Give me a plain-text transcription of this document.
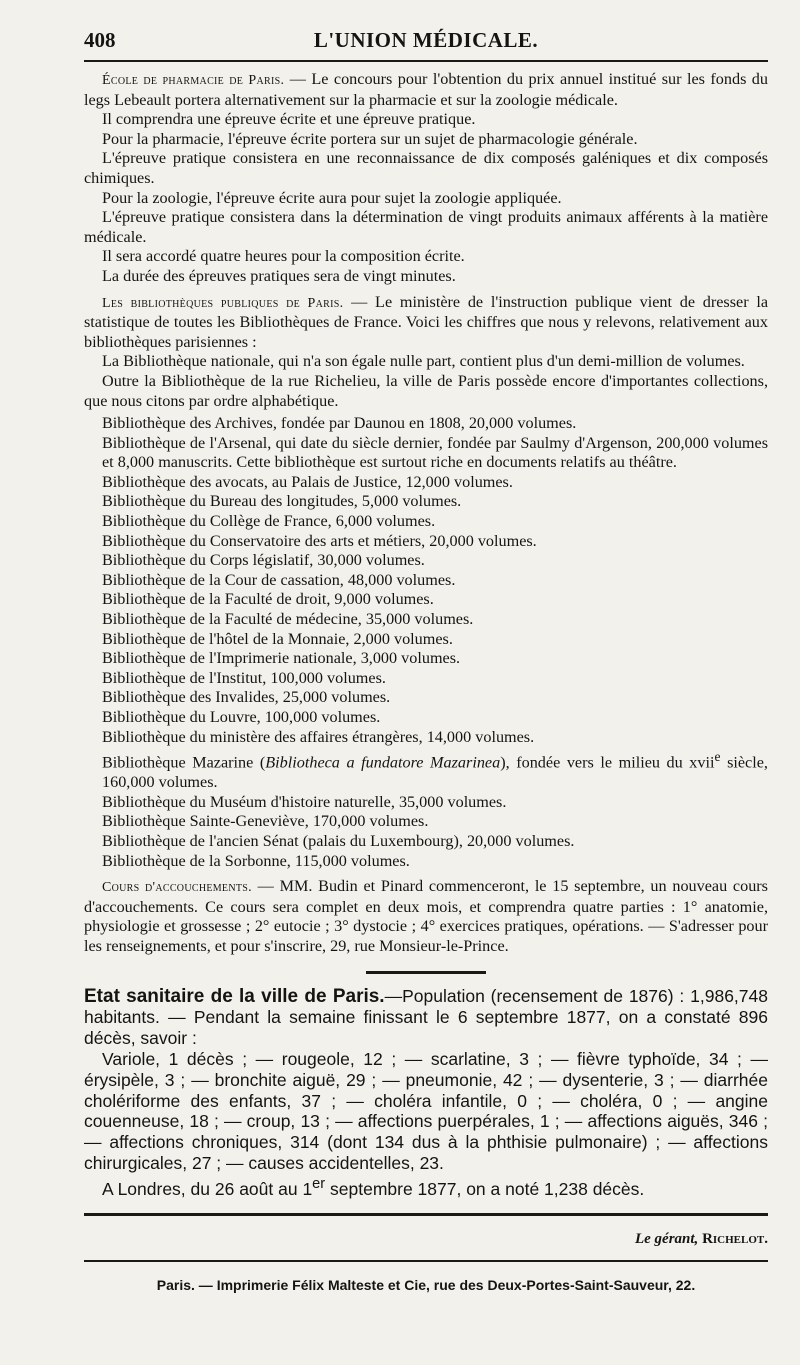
408	L'UNION MÉDICALE.

École de pharmacie de Paris. — Le concours pour l'obtention du prix annuel institué sur les fonds du legs Lebeault portera alternativement sur la pharmacie et sur la zoologie médicale.

Il comprendra une épreuve écrite et une épreuve pratique.

Pour la pharmacie, l'épreuve écrite portera sur un sujet de pharmacologie générale.

L'épreuve pratique consistera en une reconnaissance de dix composés galéniques et dix composés chimiques.

Pour la zoologie, l'épreuve écrite aura pour sujet la zoologie appliquée.

L'épreuve pratique consistera dans la détermination de vingt produits animaux afférents à la matière médicale.

Il sera accordé quatre heures pour la composition écrite.

La durée des épreuves pratiques sera de vingt minutes.

Les bibliothèques publiques de Paris. — Le ministère de l'instruction publique vient de dresser la statistique de toutes les Bibliothèques de France. Voici les chiffres que nous y relevons, relativement aux bibliothèques parisiennes :

La Bibliothèque nationale, qui n'a son égale nulle part, contient plus d'un demi-million de volumes.

Outre la Bibliothèque de la rue Richelieu, la ville de Paris possède encore d'importantes collections, que nous citons par ordre alphabétique.

Bibliothèque des Archives, fondée par Daunou en 1808, 20,000 volumes.

Bibliothèque de l'Arsenal, qui date du siècle dernier, fondée par Saulmy d'Argenson, 200,000 volumes et 8,000 manuscrits. Cette bibliothèque est surtout riche en documents relatifs au théâtre.

Bibliothèque des avocats, au Palais de Justice, 12,000 volumes.

Bibliothèque du Bureau des longitudes, 5,000 volumes.

Bibliothèque du Collège de France, 6,000 volumes.

Bibliothèque du Conservatoire des arts et métiers, 20,000 volumes.

Bibliothèque du Corps législatif, 30,000 volumes.

Bibliothèque de la Cour de cassation, 48,000 volumes.

Bibliothèque de la Faculté de droit, 9,000 volumes.

Bibliothèque de la Faculté de médecine, 35,000 volumes.

Bibliothèque de l'hôtel de la Monnaie, 2,000 volumes.

Bibliothèque de l'Imprimerie nationale, 3,000 volumes.

Bibliothèque de l'Institut, 100,000 volumes.

Bibliothèque des Invalides, 25,000 volumes.

Bibliothèque du Louvre, 100,000 volumes.

Bibliothèque du ministère des affaires étrangères, 14,000 volumes.

Bibliothèque Mazarine (Bibliotheca a fundatore Mazarinea), fondée vers le milieu du xvii$^e$ siècle, 160,000 volumes.

Bibliothèque du Muséum d'histoire naturelle, 35,000 volumes.

Bibliothèque Sainte-Geneviève, 170,000 volumes.

Bibliothèque de l'ancien Sénat (palais du Luxembourg), 20,000 volumes.

Bibliothèque de la Sorbonne, 115,000 volumes.

Cours d'accouchements. — MM. Budin et Pinard commenceront, le 15 septembre, un nouveau cours d'accouchements. Ce cours sera complet en deux mois, et comprendra quatre parties : 1° anatomie, physiologie et grossesse ; 2° eutocie ; 3° dystocie ; 4° exercices pratiques, opérations. — S'adresser pour les renseignements, et pour s'inscrire, 29, rue Monsieur-le-Prince.

Etat sanitaire de la ville de Paris.—Population (recensement de 1876) : 1,986,748 habitants. — Pendant la semaine finissant le 6 septembre 1877, on a constaté 896 décès, savoir :

Variole, 1 décès ; — rougeole, 12 ; — scarlatine, 3 ; — fièvre typhoïde, 34 ; — érysipèle, 3 ; — bronchite aiguë, 29 ; — pneumonie, 42 ; — dysenterie, 3 ; — diarrhée cholériforme des enfants, 37 ; — choléra infantile, 0 ; — choléra, 0 ; — angine couenneuse, 18 ; — croup, 13 ; — affections puerpérales, 1 ; — affections aiguës, 346 ; — affections chroniques, 314 (dont 134 dus à la phthisie pulmonaire) ; — affections chirurgicales, 27 ; — causes accidentelles, 23.

A Londres, du 26 août au 1er septembre 1877, on a noté 1,238 décès.

Le gérant, Richelot.
Paris. — Imprimerie Félix Malteste et Cie, rue des Deux-Portes-Saint-Sauveur, 22.
